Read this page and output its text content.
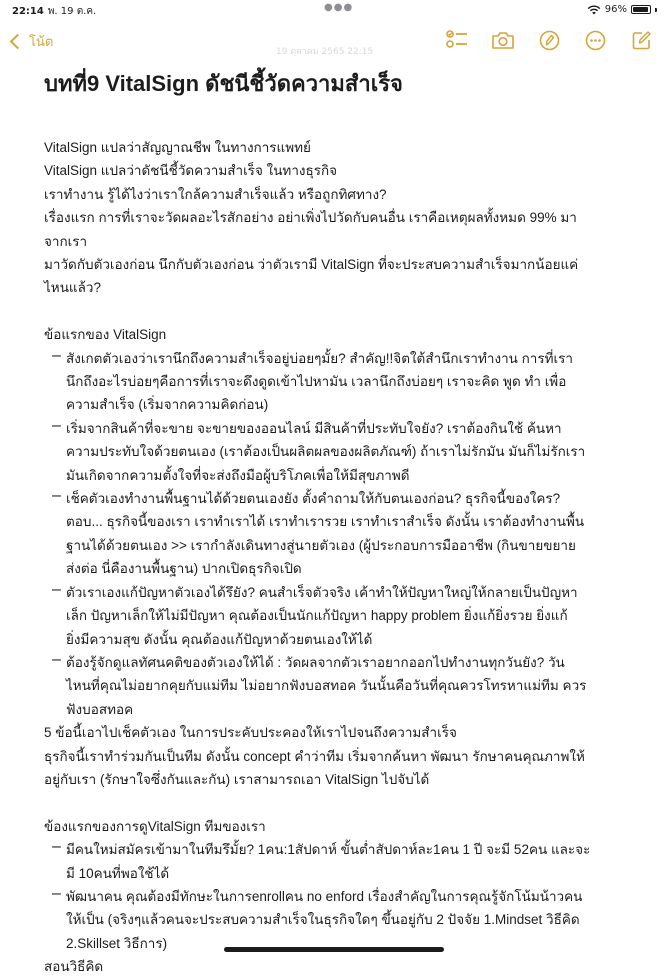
22:14 พ. 19 ต.ค.	●●●	96%
โน้ต
19 ตุลาคม 2565 22:15
บทที่9 VitalSign ดัชนีชี้วัดความสำเร็จ
VitalSign แปลว่าสัญญาณชีพ ในทางการแพทย์
VitalSign แปลว่าดัชนีชี้วัดความสำเร็จ ในทางธุรกิจ
เราทำงาน รู้ได้ไงว่าเราใกล้ความสำเร็จแล้ว หรือถูกทิศทาง?
เรื่องแรก การที่เราจะวัดผลอะไรสักอย่าง อย่าเพิ่งไปวัดกับคนอื่น เราคือเหตุผลทั้งหมด 99% มา
จากเรา
มาวัดกับตัวเองก่อน นึกกับตัวเองก่อน ว่าตัวเรามี VitalSign ที่จะประสบความสำเร็จมากน้อยแค่
ไหนแล้ว?
ข้อแรกของ VitalSign
– สังเกตตัวเองว่าเรานึกถึงความสำเร็จอยู่บ่อยๆมั้ย? สำคัญ!!จิตใต้สำนึกเราทำงาน การที่เรา
นึกถึงอะไรบ่อยๆคือการที่เราจะดึงดูดเข้าไปหามัน เวลานึกถึงบ่อยๆ เราจะคิด พูด ทำ เพื่อ
ความสำเร็จ (เริ่มจากความคิดก่อน)
– เริ่มจากสินค้าที่จะขาย จะขายของออนไลน์ มีสินค้าที่ประทับใจยัง? เราต้องกินใช้ ค้นหา
ความประทับใจด้วยตนเอง (เราต้องเป็นผลิตผลของผลิตภัณฑ์) ถ้าเราไม่รักมัน มันก็ไม่รักเรา
มันเกิดจากความตั้งใจที่จะส่งถึงมือผู้บริโภคเพื่อให้มีสุขภาพดี
– เช็คตัวเองทำงานพื้นฐานได้ด้วยตนเองยัง ตั้งคำถามให้กับตนเองก่อน? ธุรกิจนี้ของใคร?
ตอบ... ธุรกิจนี้ของเรา เราทำเราได้ เราทำเรารวย เราทำเราสำเร็จ ดังนั้น เราต้องทำงานพื้น
ฐานได้ด้วยตนเอง >> เรากำลังเดินทางสู่นายตัวเอง (ผู้ประกอบการมืออาชีพ (กินขายขยาย
ส่งต่อ นี่คืองานพื้นฐาน) ปากเปิดธุรกิจเปิด
– ตัวเราเองแก้ปัญหาตัวเองได้รึยัง? คนสำเร็จตัวจริง เค้าทำให้ปัญหาใหญ่ให้กลายเป็นปัญหา
เล็ก ปัญหาเล็กให้ไม่มีปัญหา คุณต้องเป็นนักแก้ปัญหา happy problem ยิ่งแก้ยิ่งรวย ยิ่งแก้
ยิ่งมีความสุข ดังนั้น คุณต้องแก้ปัญหาด้วยตนเองให้ได้
– ต้องรู้จักดูแลทัศนคติของตัวเองให้ได้ : วัดผลจากตัวเราอยากออกไปทำงานทุกวันยัง? วัน
ไหนที่คุณไม่อยากคุยกับแม่ทีม ไม่อยากฟังบอสทอค วันนั้นคือวันที่คุณควรโทรหาแม่ทีม ควร
ฟังบอสทอค
5 ข้อนี้เอาไปเช็คตัวเอง ในการประคับประคองให้เราไปจนถึงความสำเร็จ
ธุรกิจนี้เราทำร่วมกันเป็นทีม ดังนั้น concept คำว่าทีม เริ่มจากค้นหา พัฒนา รักษาคนคุณภาพให้
อยู่กับเรา (รักษาใจซึ่งกันและกัน) เราสามารถเอา VitalSign ไปจับได้
ข้องแรกของการดูVitalSign ทีมของเรา
– มีคนใหม่สมัครเข้ามาในทีมรึมั้ย? 1คน:1สัปดาห์ ขั้นต่ำสัปดาห์ละ1คน 1 ปี จะมี 52คน และจะ
มี 10คนที่พอใช้ได้
– พัฒนาคน คุณต้องมีทักษะในการenrollคน no enford เรื่องสำคัญในการคุณรู้จักโน้มน้าวคน
ให้เป็น (จริงๆแล้วคนจะประสบความสำเร็จในธุรกิจใดๆ ขึ้นอยู่กับ 2 ปัจจัย 1.Mindset วิธีคิด
2.Skillset วิธีการ)
สอนวิธีคิด
